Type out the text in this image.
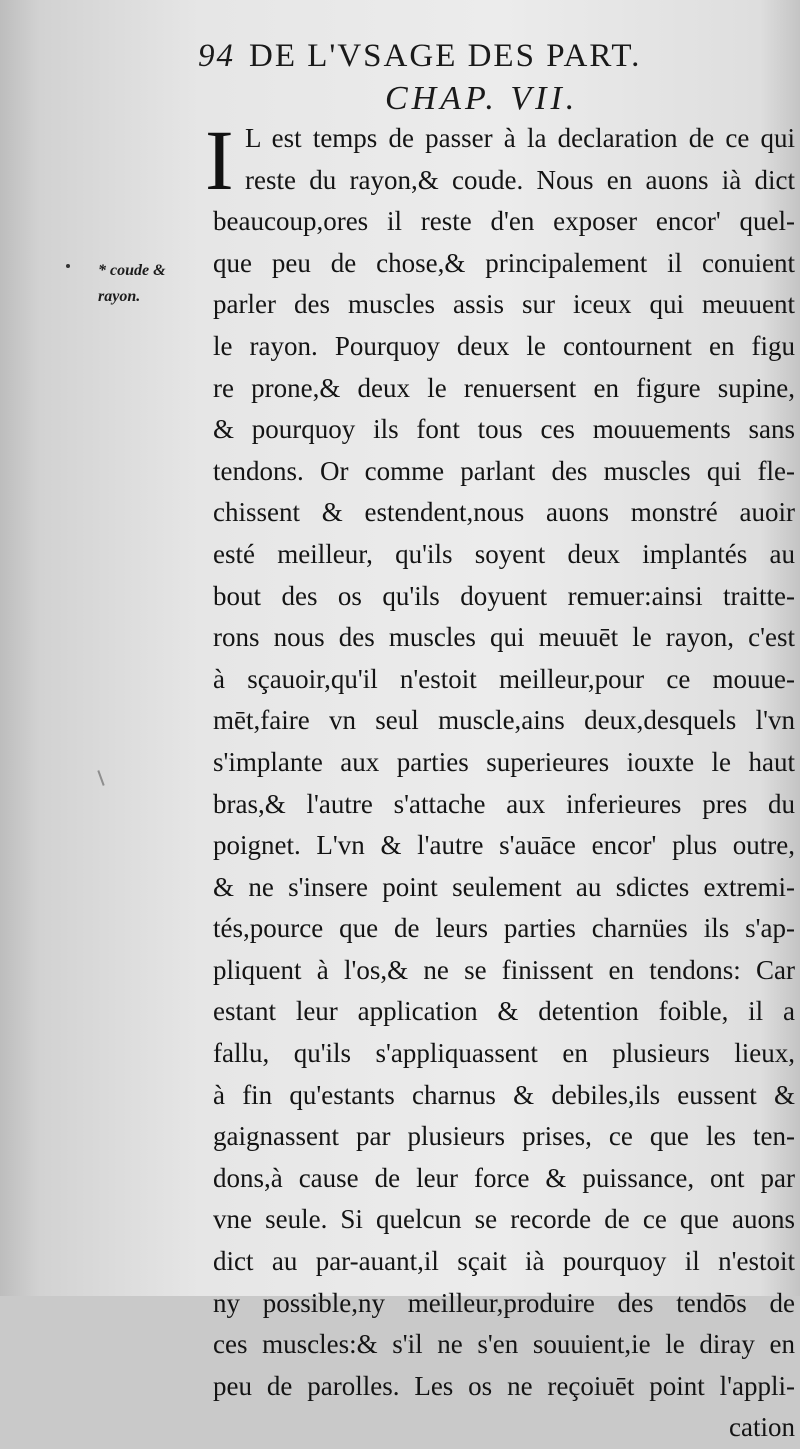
94 DE L'VSAGE DES PART.
CHAP. VII.
* coude &
rayon.
I L est temps de passer à la declaration de ce qui
reste du rayon,& coude. Nous en auons ià dict
beaucoup,ores il reste d'en exposer encor' quel-
que peu de chose,& principalement il conuient
parler des muscles assis sur iceux qui meuuent
le rayon. Pourquoy deux le contournent en figu
re prone,& deux le renuersent en figure supine,
& pourquoy ils font tous ces mouuements sans
tendons. Or comme parlant des muscles qui fle-
chissent & estendent,nous auons monstré auoir
esté meilleur, qu'ils soyent deux implantés au
bout des os qu'ils doyuent remuer:ainsi traitte-
rons nous des muscles qui meuuēt le rayon, c'est
à sçauoir,qu'il n'estoit meilleur,pour ce mouue-
mēt,faire vn seul muscle,ains deux,desquels l'vn
s'implante aux parties superieures iouxte le haut
bras,& l'autre s'attache aux inferieures pres du
poignet. L'vn & l'autre s'auāce encor' plus outre,
& ne s'insere point seulement au sdictes extremi-
tés,pource que de leurs parties charnües ils s'ap-
pliquent à l'os,& ne se finissent en tendons: Car
estant leur application & detention foible, il a
fallu, qu'ils s'appliquassent en plusieurs lieux,
à fin qu'estants charnus & debiles,ils eussent &
gaignassent par plusieurs prises, ce que les ten-
dons,à cause de leur force & puissance, ont par
vne seule. Si quelcun se recorde de ce que auons
dict au par-auant,il sçait ià pourquoy il n'estoit
ny possible,ny meilleur,produire des tendōs de
ces muscles:& s'il ne s'en souuient,ie le diray en
peu de parolles. Les os ne reçoiuēt point l'appli-
cation
